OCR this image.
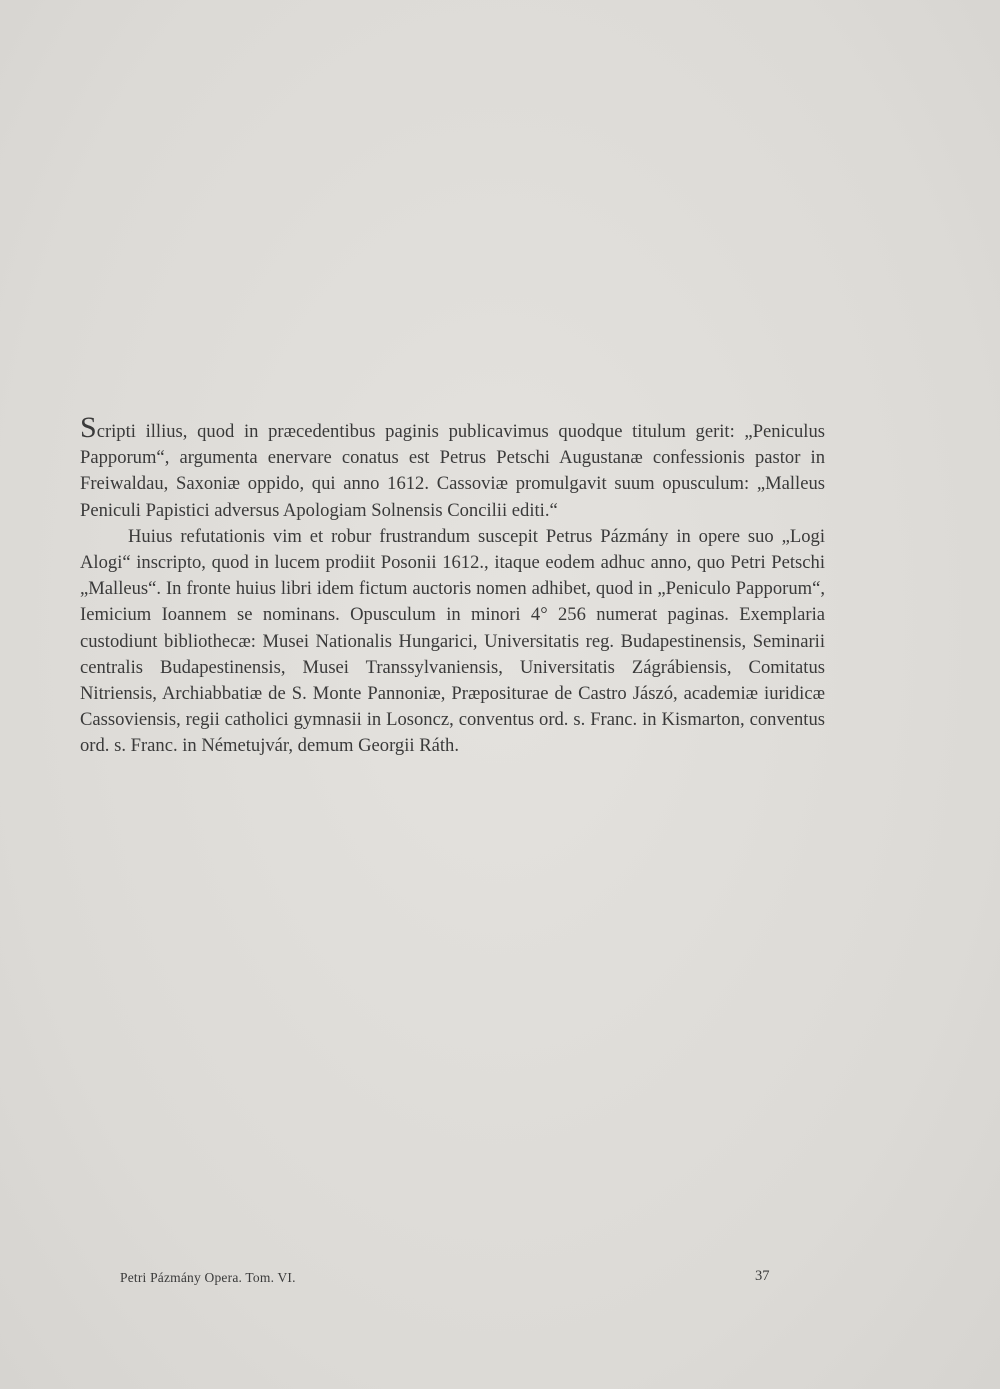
Scripti illius, quod in præcedentibus paginis publicavimus quodque titulum gerit: „Peniculus Papporum“, argumenta enervare conatus est Petrus Petschi Augustanæ confessionis pastor in Freiwaldau, Saxoniæ oppido, qui anno 1612. Cassoviæ promulgavit suum opusculum: „Malleus Peniculi Papistici adversus Apologiam Solnensis Concilii editi.“

Huius refutationis vim et robur frustrandum suscepit Petrus Pázmány in opere suo „Logi Alogi“ inscripto, quod in lucem prodiit Posonii 1612., itaque eodem adhuc anno, quo Petri Petschi „Malleus“. In fronte huius libri idem fictum auctoris nomen adhibet, quod in „Peniculo Papporum“, Iemicium Ioannem se nominans. Opusculum in minori 4° 256 numerat paginas. Exemplaria custodiunt bibliothecæ: Musei Nationalis Hungarici, Universitatis reg. Budapestinensis, Seminarii centralis Budapestinensis, Musei Transsylvaniensis, Universitatis Zágrábiensis, Comitatus Nitriensis, Archiabbatiæ de S. Monte Pannoniæ, Præpositurae de Castro Jászó, academiæ iuridicæ Cassoviensis, regii catholici gymnasii in Losoncz, conventus ord. s. Franc. in Kismarton, conventus ord. s. Franc. in Németujvár, demum Georgii Ráth.

Petri Pázmány Opera. Tom. VI.	37
